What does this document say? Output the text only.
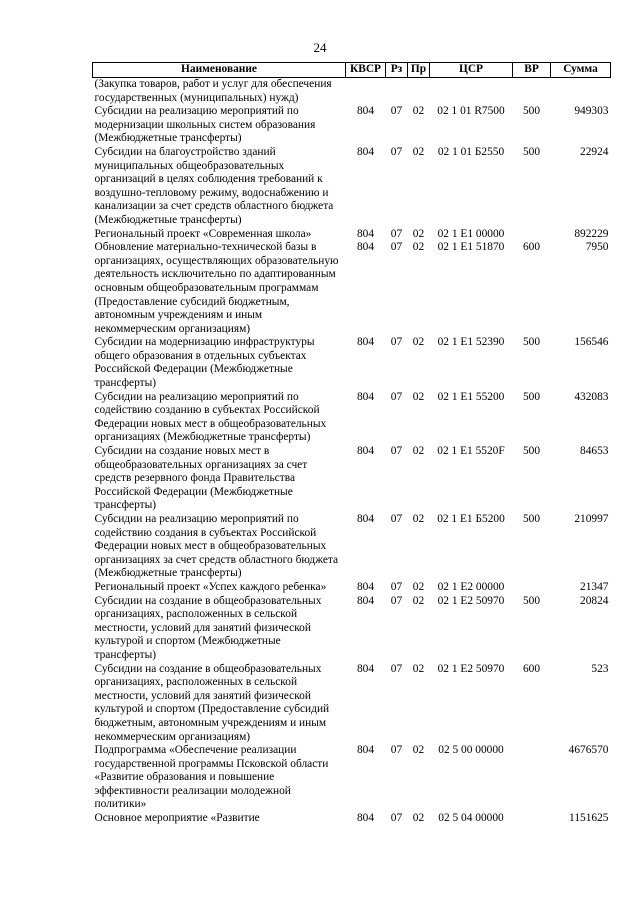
24
Наименование	КВСР	Рз	Пр	ЦСР	ВР	Сумма
(Закупка товаров, работ и услуг для обеспечения государственных (муниципальных) нужд)						
Субсидии на реализацию мероприятий по модернизации школьных систем образования (Межбюджетные трансферты)	804	07	02	02 1 01 R7500	500	949303
Субсидии на благоустройство зданий муниципальных общеобразовательных организаций в целях соблюдения требований к воздушно-тепловому режиму, водоснабжению и канализации за счет средств областного бюджета (Межбюджетные трансферты)	804	07	02	02 1 01 Б2550	500	22924
Региональный проект «Современная школа»	804	07	02	02 1 E1 00000		892229
Обновление материально-технической базы в организациях, осуществляющих образовательную деятельность исключительно по адаптированным основным общеобразовательным программам (Предоставление субсидий бюджетным, автономным учреждениям и иным некоммерческим организациям)	804	07	02	02 1 E1 51870	600	7950
Субсидии на модернизацию инфраструктуры общего образования в отдельных субъектах Российской Федерации (Межбюджетные трансферты)	804	07	02	02 1 E1 52390	500	156546
Субсидии на реализацию мероприятий по содействию созданию в субъектах Российской Федерации новых мест в общеобразовательных организациях (Межбюджетные трансферты)	804	07	02	02 1 E1 55200	500	432083
Субсидии на создание новых мест в общеобразовательных организациях за счет средств резервного фонда Правительства Российской Федерации (Межбюджетные трансферты)	804	07	02	02 1 E1 5520F	500	84653
Субсидии на реализацию мероприятий по содействию создания в субъектах Российской Федерации новых мест в общеобразовательных организациях за счет средств областного бюджета (Межбюджетные трансферты)	804	07	02	02 1 E1 Б5200	500	210997
Региональный проект «Успех каждого ребенка»	804	07	02	02 1 E2 00000		21347
Субсидии на создание в общеобразовательных организациях, расположенных в сельской местности, условий для занятий физической культурой и спортом (Межбюджетные трансферты)	804	07	02	02 1 E2 50970	500	20824
Субсидии на создание в общеобразовательных организациях, расположенных в сельской местности, условий для занятий физической культурой и спортом (Предоставление субсидий бюджетным, автономным учреждениям и иным некоммерческим организациям)	804	07	02	02 1 E2 50970	600	523
Подпрограмма «Обеспечение реализации государственной программы Псковской области «Развитие образования и повышение эффективности реализации молодежной политики»	804	07	02	02 5 00 00000		4676570
Основное мероприятие «Развитие	804	07	02	02 5 04 00000		1151625
